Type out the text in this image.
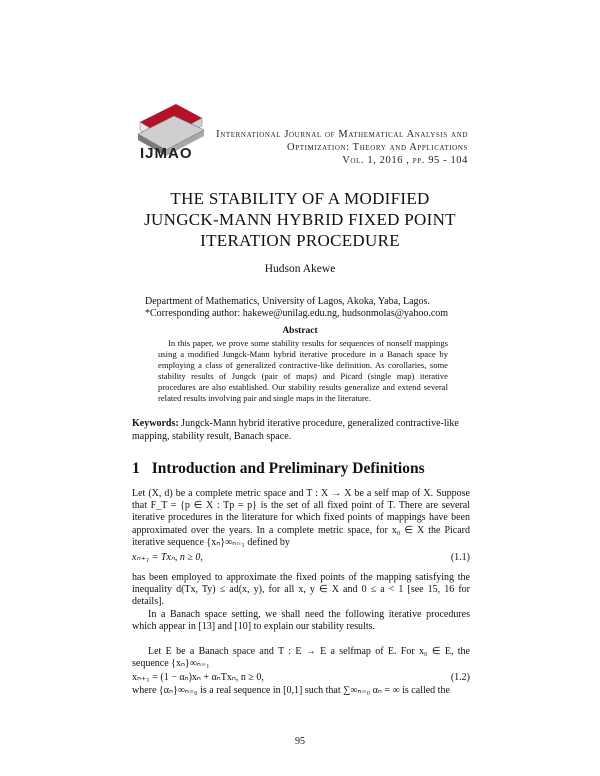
IJMAO
International Journal of Mathematical Analysis and
Optimization: Theory and Applications
Vol. 1, 2016 , pp. 95 - 104
THE STABILITY OF A MODIFIED
JUNGCK-MANN HYBRID FIXED POINT
ITERATION PROCEDURE
Hudson Akewe
Department of Mathematics, University of Lagos, Akoka, Yaba, Lagos.
*Corresponding author: hakewe@unilag.edu.ng, hudsonmolas@yahoo.com
Abstract
In this paper, we prove some stability results for sequences of nonself mappings using a modified Jungck-Mann hybrid iterative procedure in a Banach space by employing a class of generalized contractive-like definition. As corollaries, some stability results of Jungck (pair of maps) and Picard (single map) iterative procedures are also established. Our stability results generalize and extend several related results involving pair and single maps in the literature.
Keywords: Jungck-Mann hybrid iterative procedure, generalized contractive-like mapping, stability result, Banach space.
1 Introduction and Preliminary Definitions
Let (X, d) be a complete metric space and T : X → X be a self map of X. Suppose that F_T = {p ∈ X : Tp = p} is the set of all fixed point of T. There are several iterative procedures in the literature for which fixed points of mappings have been approximated over the years. In a complete metric space, for x₀ ∈ X the Picard iterative sequence {xₙ}∞ₙ₌₁ defined by
xₙ₊₁ = Txₙ, n ≥ 0,	(1.1)
has been employed to approximate the fixed points of the mapping satisfying the inequality d(Tx, Ty) ≤ ad(x, y), for all x, y ∈ X and 0 ≤ a < 1 [see 15, 16 for details].
In a Banach space setting, we shall need the following iterative procedures which appear in [13] and [10] to explain our stability results.
Let E be a Banach space and T : E → E a selfmap of E. For x₀ ∈ E, the sequence {xₙ}∞ₙ₌₁
xₙ₊₁ = (1 − αₙ)xₙ + αₙTxₙ, n ≥ 0,	(1.2)
where {αₙ}∞ₙ₌₀ is a real sequence in [0,1] such that ∑∞ₙ₌₀ αₙ = ∞ is called the
95
